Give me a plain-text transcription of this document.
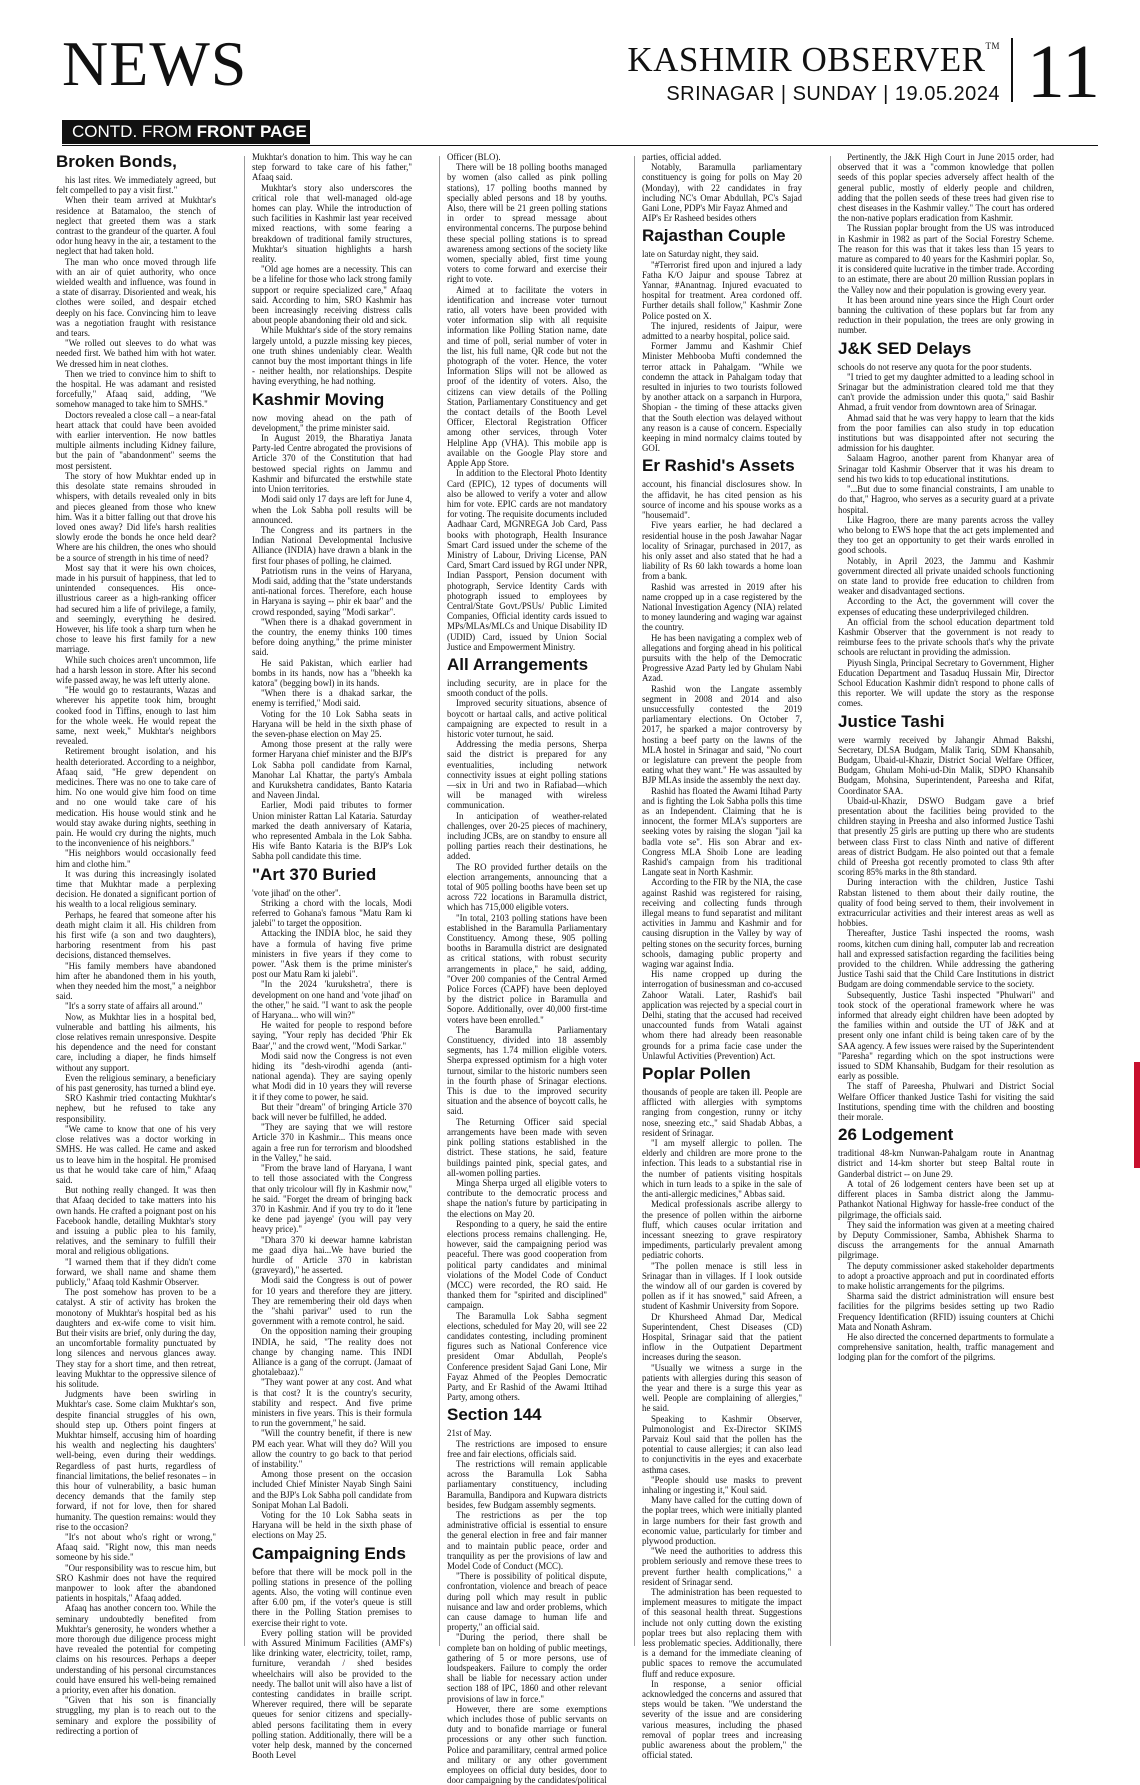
NEWS	KASHMIR OBSERVER™
SRINAGAR | SUNDAY | 19.05.2024 11
CONTD. FROM FRONT PAGE
Broken Bonds,

his last rites. We immediately agreed, but felt compelled to pay a visit first."

When their team arrived at Mukhtar's residence at Batamaloo, the stench of neglect that greeted them was a stark contrast to the grandeur of the quarter. A foul odor hung heavy in the air, a testament to the neglect that had taken hold.

The man who once moved through life with an air of quiet authority, who once wielded wealth and influence, was found in a state of disarray. Disoriented and weak, his clothes were soiled, and despair etched deeply on his face. Convincing him to leave was a negotiation fraught with resistance and tears.

"We rolled out sleeves to do what was needed first. We bathed him with hot water. We dressed him in neat clothes.

Then we tried to convince him to shift to the hospital. He was adamant and resisted forcefully," Afaaq said, adding, "We somehow managed to take him to SMHS."

Doctors revealed a close call – a near-fatal heart attack that could have been avoided with earlier intervention. He now battles multiple ailments including Kidney failure, but the pain of "abandonment" seems the most persistent.

The story of how Mukhtar ended up in this desolate state remains shrouded in whispers, with details revealed only in bits and pieces gleaned from those who knew him. Was it a bitter falling out that drove his loved ones away? Did life's harsh realities slowly erode the bonds he once held dear? Where are his children, the ones who should be a source of strength in his time of need?

Most say that it were his own choices, made in his pursuit of happiness, that led to unintended consequences. His once-illustrious career as a high-ranking officer had secured him a life of privilege, a family, and seemingly, everything he desired. However, his life took a sharp turn when he chose to leave his first family for a new marriage.

While such choices aren't uncommon, life had a harsh lesson in store. After his second wife passed away, he was left utterly alone.

"He would go to restaurants, Wazas and wherever his appetite took him, brought cooked food in Tiffins, enough to last him for the whole week. He would repeat the same, next week," Mukhtar's neighbors revealed.

Retirement brought isolation, and his health deteriorated. According to a neighbor, Afaaq said, "He grew dependent on medicines. There was no one to take care of him. No one would give him food on time and no one would take care of his medication. His house would stink and he would stay awake during nights, seething in pain. He would cry during the nights, much to the inconvenience of his neighbors."

"His neighbors would occasionally feed him and clothe him."

It was during this increasingly isolated time that Mukhtar made a perplexing decision. He donated a significant portion of his wealth to a local religious seminary.

Perhaps, he feared that someone after his death might claim it all. His children from his first wife (a son and two daughters), harboring resentment from his past decisions, distanced themselves.

"His family members have abandoned him after he abandoned them in his youth, when they needed him the most," a neighbor said.

"It's a sorry state of affairs all around."

Now, as Mukhtar lies in a hospital bed, vulnerable and battling his ailments, his close relatives remain unresponsive. Despite his dependence and the need for constant care, including a diaper, he finds himself without any support.

Even the religious seminary, a beneficiary of his past generosity, has turned a blind eye.

SRO Kashmir tried contacting Mukhtar's nephew, but he refused to take any responsibility.

"We came to know that one of his very close relatives was a doctor working in SMHS. He was called. He came and asked us to leave him in the hospital. He promised us that he would take care of him," Afaaq said.

But nothing really changed. It was then that Afaaq decided to take matters into his own hands. He crafted a poignant post on his Facebook handle, detailing Mukhtar's story and issuing a public plea to his family, relatives, and the seminary to fulfill their moral and religious obligations.

"I warned them that if they didn't come forward, we shall name and shame them publicly," Afaaq told Kashmir Observer.

The post somehow has proven to be a catalyst. A stir of activity has broken the monotony of Mukhtar's hospital bed as his daughters and ex-wife come to visit him. But their visits are brief, only during the day, an uncomfortable formality punctuated by long silences and nervous glances away. They stay for a short time, and then retreat, leaving Mukhtar to the oppressive silence of his solitude.

Judgments have been swirling in Mukhtar's case. Some claim Mukhtar's son, despite financial struggles of his own, should step up. Others point fingers at Mukhtar himself, accusing him of hoarding his wealth and neglecting his daughters' well-being, even during their weddings. Regardless of past hurts, regardless of financial limitations, the belief resonates – in this hour of vulnerability, a basic human decency demands that the family step forward, if not for love, then for shared humanity. The question remains: would they rise to the occasion?

"It's not about who's right or wrong," Afaaq said. "Right now, this man needs someone by his side."

"Our responsibility was to rescue him, but SRO Kashmir does not have the required manpower to look after the abandoned patients in hospitals," Afaaq added.

Afaaq has another concern too. While the seminary undoubtedly benefited from Mukhtar's generosity, he wonders whether a more thorough due diligence process might have revealed the potential for competing claims on his resources. Perhaps a deeper understanding of his personal circumstances could have ensured his well-being remained a priority, even after his donation.

"Given that his son is financially struggling, my plan is to reach out to the seminary and explore the possibility of redirecting a portion of

Mukhtar's donation to him. This way he can step forward to take care of his father," Afaaq said.

Mukhtar's story also underscores the critical role that well-managed old-age homes can play. While the introduction of such facilities in Kashmir last year received mixed reactions, with some fearing a breakdown of traditional family structures, Mukhtar's situation highlights a harsh reality.

"Old age homes are a necessity. This can be a lifeline for those who lack strong family support or require specialized care," Afaaq said. According to him, SRO Kashmir has been increasingly receiving distress calls about people abandoning their old and sick.

While Mukhtar's side of the story remains largely untold, a puzzle missing key pieces, one truth shines undeniably clear. Wealth cannot buy the most important things in life - neither health, nor relationships. Despite having everything, he had nothing.

Kashmir Moving

now moving ahead on the path of development," the prime minister said.

In August 2019, the Bharatiya Janata Party-led Centre abrogated the provisions of Article 370 of the Constitution that had bestowed special rights on Jammu and Kashmir and bifurcated the erstwhile state into Union territories.

Modi said only 17 days are left for June 4, when the Lok Sabha poll results will be announced.

The Congress and its partners in the Indian National Developmental Inclusive Alliance (INDIA) have drawn a blank in the first four phases of polling, he claimed.

Patriotism runs in the veins of Haryana, Modi said, adding that the "state understands anti-national forces. Therefore, each house in Haryana is saying -- phir ek baar" and the crowd responded, saying "Modi sarkar".

"When there is a dhakad government in the country, the enemy thinks 100 times before doing anything," the prime minister said.

He said Pakistan, which earlier had bombs in its hands, now has a "bheekh ka katora" (begging bowl) in its hands.

"When there is a dhakad sarkar, the enemy is terrified," Modi said.

Voting for the 10 Lok Sabha seats in Haryana will be held in the sixth phase of the seven-phase election on May 25.

Among those present at the rally were former Haryana chief minister and the BJP's Lok Sabha poll candidate from Karnal, Manohar Lal Khattar, the party's Ambala and Kurukshetra candidates, Banto Kataria and Naveen Jindal.

Earlier, Modi paid tributes to former Union minister Rattan Lal Kataria. Saturday marked the death anniversary of Kataria, who represented Ambala in the Lok Sabha. His wife Banto Kataria is the BJP's Lok Sabha poll candidate this time.

"Art 370 Buried

'vote jihad' on the other".

Striking a chord with the locals, Modi referred to Gohana's famous "Matu Ram ki jalebi" to target the opposition.

Attacking the INDIA bloc, he said they have a formula of having five prime ministers in five years if they come to power. "Ask them is the prime minister's post our Matu Ram ki jalebi".

"In the 2024 'kurukshetra', there is development on one hand and 'vote jihad' on the other," he said. "I want to ask the people of Haryana... who will win?"

He waited for people to respond before saying, "Your reply has decided 'Phir Ek Baar'," and the crowd went, "Modi Sarkar."

Modi said now the Congress is not even hiding its "desh-virodhi agenda (anti-national agenda). They are saying openly what Modi did in 10 years they will reverse it if they come to power, he said.

But their "dream" of bringing Article 370 back will never be fulfilled, he added.

"They are saying that we will restore Article 370 in Kashmir... This means once again a free run for terrorism and bloodshed in the Valley," he said.

"From the brave land of Haryana, I want to tell those associated with the Congress that only tricolour will fly in Kashmir now," he said. "Forget the dream of bringing back 370 in Kashmir. And if you try to do it 'lene ke dene pad jayenge' (you will pay very heavy price)."

"Dhara 370 ki deewar hamne kabristan me gaad diya hai...We have buried the hurdle of Article 370 in kabristan (graveyard)," he asserted.

Modi said the Congress is out of power for 10 years and therefore they are jittery. They are remembering their old days when the "shahi parivar" used to run the government with a remote control, he said.

On the opposition naming their grouping INDIA, he said, "The reality does not change by changing name. This INDI Alliance is a gang of the corrupt. (Jamaat of ghotalebaaz)."

"They want power at any cost. And what is that cost? It is the country's security, stability and respect. And five prime ministers in five years. This is their formula to run the government," he said.

"Will the country benefit, if there is new PM each year. What will they do? Will you allow the country to go back to that period of instability."

Among those present on the occasion included Chief Minister Nayab Singh Saini and the BJP's Lok Sabha poll candidate from Sonipat Mohan Lal Badoli.

Voting for the 10 Lok Sabha seats in Haryana will be held in the sixth phase of elections on May 25.

Campaigning Ends

before that there will be mock poll in the polling stations in presence of the polling agents. Also, the voting will continue even after 6.00 pm, if the voter's queue is still there in the Polling Station premises to exercise their right to vote.

Every polling station will be provided with Assured Minimum Facilities (AMF's) like drinking water, electricity, toilet, ramp, furniture, verandah / shed besides wheelchairs will also be provided to the needy. The ballot unit will also have a list of contesting candidates in braille script. Wherever required, there will be separate queues for senior citizens and specially-abled persons facilitating them in every polling station. Additionally, there will be a voter help desk, manned by the concerned Booth Level

Officer (BLO).

There will be 18 polling booths managed by women (also called as pink polling stations), 17 polling booths manned by specially abled persons and 18 by youths. Also, there will be 21 green polling stations in order to spread message about environmental concerns. The purpose behind these special polling stations is to spread awareness among sections of the society like women, specially abled, first time young voters to come forward and exercise their right to vote.

Aimed at to facilitate the voters in identification and increase voter turnout ratio, all voters have been provided with voter information slip with all requisite information like Polling Station name, date and time of poll, serial number of voter in the list, his full name, QR code but not the photograph of the voter. Hence, the voter Information Slips will not be allowed as proof of the identity of voters. Also, the citizens can view details of the Polling Station, Parliamentary Constituency and get the contact details of the Booth Level Officer, Electoral Registration Officer among other services, through Voter Helpline App (VHA). This mobile app is available on the Google Play store and Apple App Store.

In addition to the Electoral Photo Identity Card (EPIC), 12 types of documents will also be allowed to verify a voter and allow him for vote. EPIC cards are not mandatory for voting. The requisite documents included Aadhaar Card, MGNREGA Job Card, Pass books with photograph, Health Insurance Smart Card issued under the scheme of the Ministry of Labour, Driving License, PAN Card, Smart Card issued by RGI under NPR, Indian Passport, Pension document with photograph, Service Identity Cards with photograph issued to employees by Central/State Govt./PSUs/ Public Limited Companies, Official identity cards issued to MPs/MLAs/MLCs and Unique Disability ID (UDID) Card, issued by Union Social Justice and Empowerment Ministry.

All Arrangements

including security, are in place for the smooth conduct of the polls.

Improved security situations, absence of boycott or hartaal calls, and active political campaigning are expected to result in a historic voter turnout, he said.

Addressing the media persons, Sherpa said the district is prepared for any eventualities, including network connectivity issues at eight polling stations—six in Uri and two in Rafiabad—which will be managed with wireless communication.

In anticipation of weather-related challenges, over 20-25 pieces of machinery, including JCBs, are on standby to ensure all polling parties reach their destinations, he added.

The RO provided further details on the election arrangements, announcing that a total of 905 polling booths have been set up across 722 locations in Baramulla district, which has 715,000 eligible voters.

"In total, 2103 polling stations have been established in the Baramulla Parliamentary Constituency. Among these, 905 polling booths in Baramulla district are designated as critical stations, with robust security arrangements in place," he said, adding, "Over 200 companies of the Central Armed Police Forces (CAPF) have been deployed by the district police in Baramulla and Sopore. Additionally, over 40,000 first-time voters have been enrolled."

The Baramulla Parliamentary Constituency, divided into 18 assembly segments, has 1.74 million eligible voters. Sherpa expressed optimism for a high voter turnout, similar to the historic numbers seen in the fourth phase of Srinagar elections. This is due to the improved security situation and the absence of boycott calls, he said.

The Returning Officer said special arrangements have been made with seven pink polling stations established in the district. These stations, he said, feature buildings painted pink, special gates, and all-women polling parties.

Minga Sherpa urged all eligible voters to contribute to the democratic process and shape the nation's future by participating in the elections on May 20.

Responding to a query, he said the entire elections process remains challenging. He, however, said the campaigning period was peaceful. There was good cooperation from political party candidates and minimal violations of the Model Code of Conduct (MCC) were recorded, the RO said. He thanked them for "spirited and disciplined" campaign.

The Baramulla Lok Sabha segment elections, scheduled for May 20, will see 22 candidates contesting, including prominent figures such as National Conference vice president Omar Abdullah, People's Conference president Sajad Gani Lone, Mir Fayaz Ahmed of the Peoples Democratic Party, and Er Rashid of the Awami Ittihad Party, among others.

Section 144

21st of May.

The restrictions are imposed to ensure free and fair elections, officials said.

The restrictions will remain applicable across the Baramulla Lok Sabha parliamentary constituency, including Baramulla, Bandipora and Kupwara districts besides, few Budgam assembly segments.

The restrictions as per the top administrative official is essential to ensure the general election in free and fair manner and to maintain public peace, order and tranquility as per the provisions of law and Model Code of Conduct (MCC).

"There is possibility of political dispute, confrontation, violence and breach of peace during poll which may result in public nuisance and law and order problems, which can cause damage to human life and property," an official said.

"During the period, there shall be complete ban on holding of public meetings, gathering of 5 or more persons, use of loudspeakers. Failure to comply the order shall be liable for necessary action under section 188 of IPC, 1860 and other relevant provisions of law in force."

However, there are some exemptions which includes those of public servants on duty and to bonafide marriage or funeral processions or any other such function. Police and paramilitary, central armed police and military or any other government employees on official duty besides, door to door campaigning by the candidates/political

parties, official added.

Notably, Baramulla parliamentary constituency is going for polls on May 20 (Monday), with 22 candidates in fray including NC's Omar Abdullah, PC's Sajad Gani Lone, PDP's Mir Fayaz Ahmed and

AIP's Er Rasheed besides others

Rajasthan Couple

late on Saturday night, they said.

"#Terrorist fired upon and injured a lady Fatha K/O Jaipur and spouse Tabrez at Yannar, #Anantnag. Injured evacuated to hospital for treatment. Area cordoned off. Further details shall follow," Kashmir Zone Police posted on X.

The injured, residents of Jaipur, were admitted to a nearby hospital, police said.

Former Jammu and Kashmir Chief Minister Mehbooba Mufti condemned the terror attack in Pahalgam. "While we condemn the attack in Pahalgam today that resulted in injuries to two tourists followed by another attack on a sarpanch in Hurpora, Shopian - the timing of these attacks given that the South election was delayed without any reason is a cause of concern. Especially keeping in mind normalcy claims touted by GOI.

Er Rashid's Assets

account, his financial disclosures show. In the affidavit, he has cited pension as his source of income and his spouse works as a "housemaid".

Five years earlier, he had declared a residential house in the posh Jawahar Nagar locality of Srinagar, purchased in 2017, as his only asset and also stated that he had a liability of Rs 60 lakh towards a home loan from a bank.

Rashid was arrested in 2019 after his name cropped up in a case registered by the National Investigation Agency (NIA) related to money laundering and waging war against the country.

He has been navigating a complex web of allegations and forging ahead in his political pursuits with the help of the Democratic Progressive Azad Party led by Ghulam Nabi Azad.

Rashid won the Langate assembly segment in 2008 and 2014 and also unsuccessfully contested the 2019 parliamentary elections. On October 7, 2017, he sparked a major controversy by hosting a beef party on the lawns of the MLA hostel in Srinagar and said, "No court or legislature can prevent the people from eating what they want." He was assaulted by BJP MLAs inside the assembly the next day.

Rashid has floated the Awami Itihad Party and is fighting the Lok Sabha polls this time as an Independent. Claiming that he is innocent, the former MLA's supporters are seeking votes by raising the slogan "jail ka badla vote se". His son Abrar and ex-Congress MLA Shoib Lone are leading Rashid's campaign from his traditional Langate seat in North Kashmir.

According to the FIR by the NIA, the case against Rashid was registered for raising, receiving and collecting funds through illegal means to fund separatist and militant activities in Jammu and Kashmir and for causing disruption in the Valley by way of pelting stones on the security forces, burning schools, damaging public property and waging war against India.

His name cropped up during the interrogation of businessman and co-accused Zahoor Watali. Later, Rashid's bail application was rejected by a special court in Delhi, stating that the accused had received unaccounted funds from Watali against whom there had already been reasonable grounds for a prima facie case under the Unlawful Activities (Prevention) Act.

Poplar Pollen

thousands of people are taken ill. People are afflicted with allergies with symptoms ranging from congestion, runny or itchy nose, sneezing etc.," said Shadab Abbas, a resident of Srinagar.

"I am myself allergic to pollen. The elderly and children are more prone to the infection. This leads to a substantial rise in the number of patients visiting hospitals which in turn leads to a spike in the sale of the anti-allergic medicines," Abbas said.

Medical professionals ascribe allergy to the presence of pollen within the airborne fluff, which causes ocular irritation and incessant sneezing to grave respiratory impediments, particularly prevalent among pediatric cohorts.

"The pollen menace is still less in Srinagar than in villages. If I look outside the window all of our garden is covered by pollen as if it has snowed," said Afreen, a student of Kashmir University from Sopore.

Dr Khursheed Ahmad Dar, Medical Superintendent, Chest Diseases (CD) Hospital, Srinagar said that the patient inflow in the Outpatient Department increases during the season.

"Usually we witness a surge in the patients with allergies during this season of the year and there is a surge this year as well. People are complaining of allergies," he said.

Speaking to Kashmir Observer, Pulmonologist and Ex-Director SKIMS Parvaiz Koul said that the pollen has the potential to cause allergies; it can also lead to conjunctivitis in the eyes and exacerbate asthma cases.

"People should use masks to prevent inhaling or ingesting it," Koul said.

Many have called for the cutting down of the poplar trees, which were initially planted in large numbers for their fast growth and economic value, particularly for timber and plywood production.

"We need the authorities to address this problem seriously and remove these trees to prevent further health complications," a resident of Srinagar send.

The administration has been requested to implement measures to mitigate the impact of this seasonal health threat. Suggestions include not only cutting down the existing poplar trees but also replacing them with less problematic species. Additionally, there is a demand for the immediate cleaning of public spaces to remove the accumulated fluff and reduce exposure.

In response, a senior official acknowledged the concerns and assured that steps would be taken. "We understand the severity of the issue and are considering various measures, including the phased removal of poplar trees and increasing public awareness about the problem," the official stated.

Pertinently, the J&K High Court in June 2015 order, had observed that it was a "common knowledge that pollen seeds of this poplar species adversely affect health of the general public, mostly of elderly people and children, adding that the pollen seeds of these trees had given rise to chest diseases in the Kashmir valley." The court has ordered the non-native poplars eradication from Kashmir.

The Russian poplar brought from the US was introduced in Kashmir in 1982 as part of the Social Forestry Scheme. The reason for this was that it takes less than 15 years to mature as compared to 40 years for the Kashmiri poplar. So, it is considered quite lucrative in the timber trade. According to an estimate, there are about 20 million Russian poplars in the Valley now and their population is growing every year.

It has been around nine years since the High Court order banning the cultivation of these poplars but far from any reduction in their population, the trees are only growing in number.

J&K SED Delays

schools do not reserve any quota for the poor students.

"I tried to get my daughter admitted to a leading school in Srinagar but the administration cleared told me that they can't provide the admission under this quota," said Bashir Ahmad, a fruit vendor from downtown area of Srinagar.

Ahmad said that he was very happy to learn that the kids from the poor families can also study in top education institutions but was disappointed after not securing the admission for his daughter.

Salaam Hagroo, another parent from Khanyar area of Srinagar told Kashmir Observer that it was his dream to send his two kids to top educational institutions.

"...But due to some financial constraints, I am unable to do that," Hagroo, who serves as a security guard at a private hospital.

Like Hagroo, there are many parents across the valley who belong to EWS hope that the act gets implemented and they too get an opportunity to get their wards enrolled in good schools.

Notably, in April 2023, the Jammu and Kashmir government directed all private unaided schools functioning on state land to provide free education to children from weaker and disadvantaged sections.

According to the Act, the government will cover the expenses of educating these underprivileged children.

An official from the school education department told Kashmir Observer that the government is not ready to reimburse fees to the private schools that's why the private schools are reluctant in providing the admission.

Piyush Singla, Principal Secretary to Government, Higher Education Department and Tasaduq Hussain Mir, Director School Education Kashmir didn't respond to phone calls of this reporter. We will update the story as the response comes.

Justice Tashi

were warmly received by Jahangir Ahmad Bakshi, Secretary, DLSA Budgam, Malik Tariq, SDM Khansahib, Budgam, Ubaid-ul-Khazir, District Social Welfare Officer, Budgam, Ghulam Mohi-ud-Din Malik, SDPO Khansahib Budgam, Mohsina, Superintendent, Pareesha and Rifat, Coordinator SAA.

Ubaid-ul-Khazir, DSWO Budgam gave a brief presentation about the facilities being provided to the children staying in Preesha and also informed Justice Tashi that presently 25 girls are putting up there who are students between class First to class Ninth and native of different areas of district Budgam. He also pointed out that a female child of Preesha got recently promoted to class 9th after scoring 85% marks in the 8th standard.

During interaction with the children, Justice Tashi Rabstan listened to them about their daily routine, the quality of food being served to them, their involvement in extracurricular activities and their interest areas as well as hobbies.

Thereafter, Justice Tashi inspected the rooms, wash rooms, kitchen cum dining hall, computer lab and recreation hall and expressed satisfaction regarding the facilities being provided to the children. While addressing the gathering Justice Tashi said that the Child Care Institutions in district Budgam are doing commendable service to the society.

Subsequently, Justice Tashi inspected "Phulwari" and took stock of the operational framework where he was informed that already eight children have been adopted by the families within and outside the UT of J&K and at present only one infant child is being taken care of by the SAA agency. A few issues were raised by the Superintendent "Paresha" regarding which on the spot instructions were issued to SDM Khansahib, Budgam for their resolution as early as possible.

The staff of Pareesha, Phulwari and District Social Welfare Officer thanked Justice Tashi for visiting the said Institutions, spending time with the children and boosting their morale.

26 Lodgement

traditional 48-km Nunwan-Pahalgam route in Anantnag district and 14-km shorter but steep Baltal route in Ganderbal district -- on June 29.

A total of 26 lodgement centers have been set up at different places in Samba district along the Jammu-Pathankot National Highway for hassle-free conduct of the pilgrimage, the officials said.

They said the information was given at a meeting chaired by Deputy Commissioner, Samba, Abhishek Sharma to discuss the arrangements for the annual Amarnath pilgrimage.

The deputy commissioner asked stakeholder departments to adopt a proactive approach and put in coordinated efforts to make holistic arrangements for the pilgrims.

Sharma said the district administration will ensure best facilities for the pilgrims besides setting up two Radio Frequency Identification (RFID) issuing counters at Chichi Mata and Nonath Ashram.

He also directed the concerned departments to formulate a comprehensive sanitation, health, traffic management and lodging plan for the comfort of the pilgrims.
